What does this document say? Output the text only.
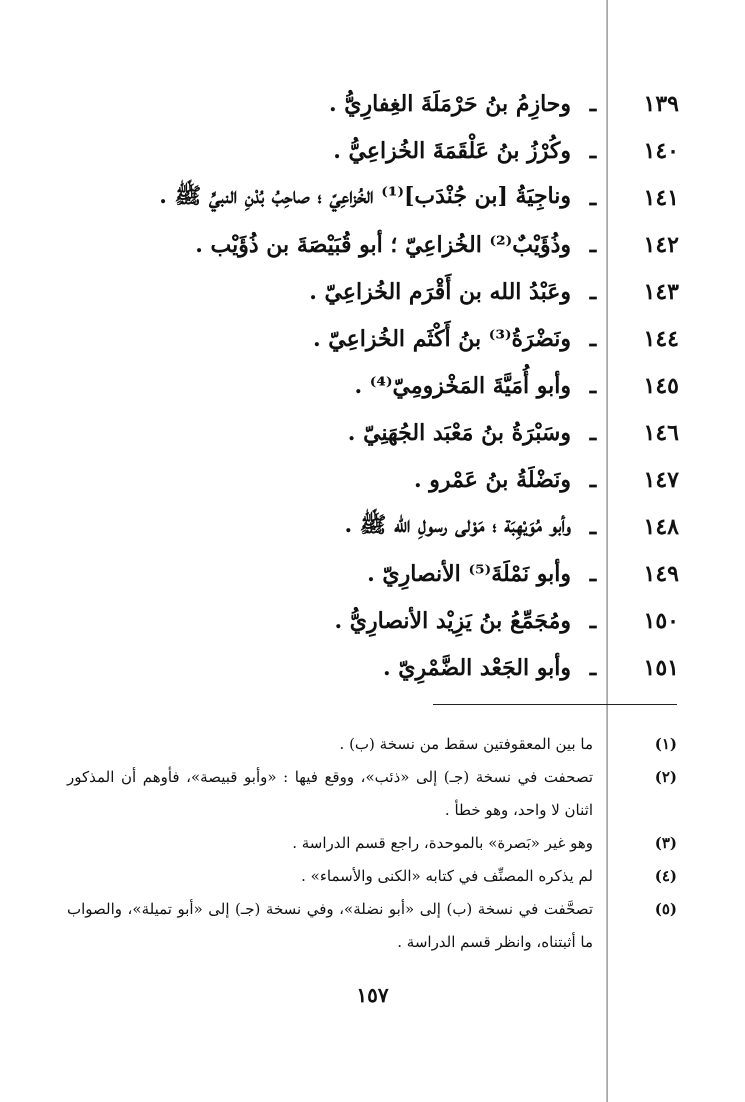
١٣٩
ـ
وحازِمُ بنُ حَرْمَلَةَ الغِفارِيُّ .
١٤٠
ـ
وكُرْزُ بنُ عَلْقَمَةَ الخُزاعِيُّ .
١٤١
ـ
وناجِيَةُ [بن جُنْدَب]⁽¹⁾ الخُزاعِيّ ؛ صاحِبُ بُدْنِ النبيِّ ﷺ .
١٤٢
ـ
وذُؤَيْبٌ⁽²⁾ الخُزاعِيّ ؛ أبو قُبَيْصَةَ بن ذُؤَيْب .
١٤٣
ـ
وعَبْدُ الله بن أَقْرَم الخُزاعِيّ .
١٤٤
ـ
ونَضْرَةُ⁽³⁾ بنُ أَكْثَم الخُزاعِيّ .
١٤٥
ـ
وأبو أُمَيَّةَ المَخْزومِيّ⁽⁴⁾ .
١٤٦
ـ
وسَبْرَةُ بنُ مَعْبَد الجُهَنِيّ .
١٤٧
ـ
ونَضْلَةُ بنُ عَمْرو .
١٤٨
ـ
وأبو مُوَيْهِبَة ؛ مَوْلى رسولِ الله ﷺ .
١٤٩
ـ
وأبو نَمْلَةَ⁽⁵⁾ الأنصارِيّ .
١٥٠
ـ
ومُجَمِّعُ بنُ يَزِيْد الأنصارِيُّ .
١٥١
ـ
وأبو الجَعْد الضَّمْرِيّ .
(١)
ما بين المعقوفتين سقط من نسخة (ب) .
(٢)
تصحفت في نسخة (جـ) إلى «ذئب»، ووقع فيها : «وأبو قبيصة»، فأوهم أن المذكور اثنان لا واحد، وهو خطأ .
(٣)
وهو غير «بَصرة» بالموحدة، راجع قسم الدراسة .
(٤)
لم يذكره المصنِّف في كتابه «الكنى والأسماء» .
(٥)
تصحَّفت في نسخة (ب) إلى «أبو نضلة»، وفي نسخة (جـ) إلى «أبو تميلة»، والصواب ما أثبتناه، وانظر قسم الدراسة .
١٥٧
